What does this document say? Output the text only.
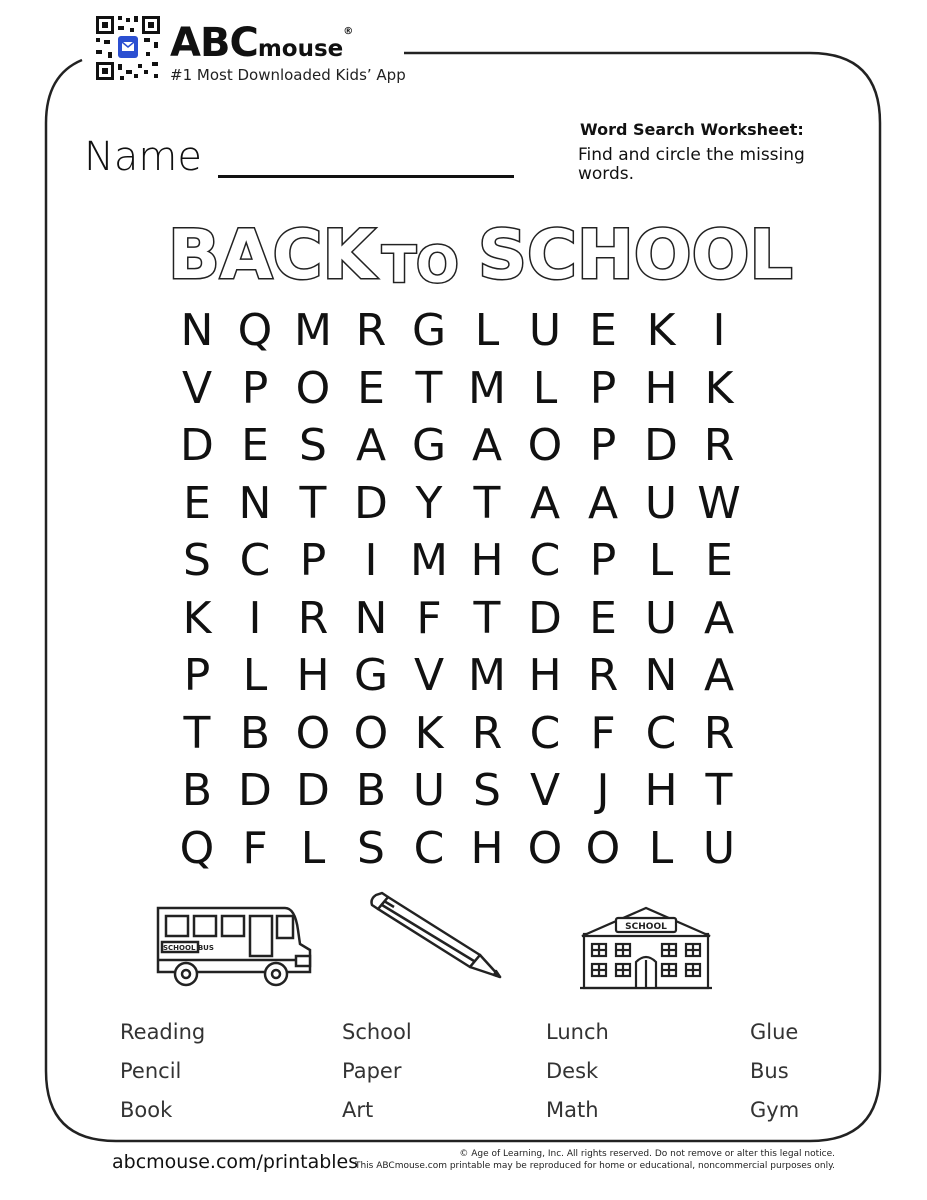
ABCmouse®
#1 Most Downloaded Kids’ App
Name
Word Search Worksheet:
Find and circle the missing words.
BACK TO SCHOOL
N Q M R G L U E K I
V P O E T M L P H K
D E S A G A O P D R
E N T D Y T A A U W
S C P I M H C P L E
K I R N F T D E U A
P L H G V M H R N A
T B O O K R C F C R
B D D B U S V J H T
Q F L S C H O O L U
SCHOOL BUS
SCHOOL
Reading	School	Lunch	Glue
Pencil	Paper	Desk	Bus
Book	Art	Math	Gym
abcmouse.com/printables	© Age of Learning, Inc. All rights reserved. Do not remove or alter this legal notice.
This ABCmouse.com printable may be reproduced for home or educational, noncommercial purposes only.
